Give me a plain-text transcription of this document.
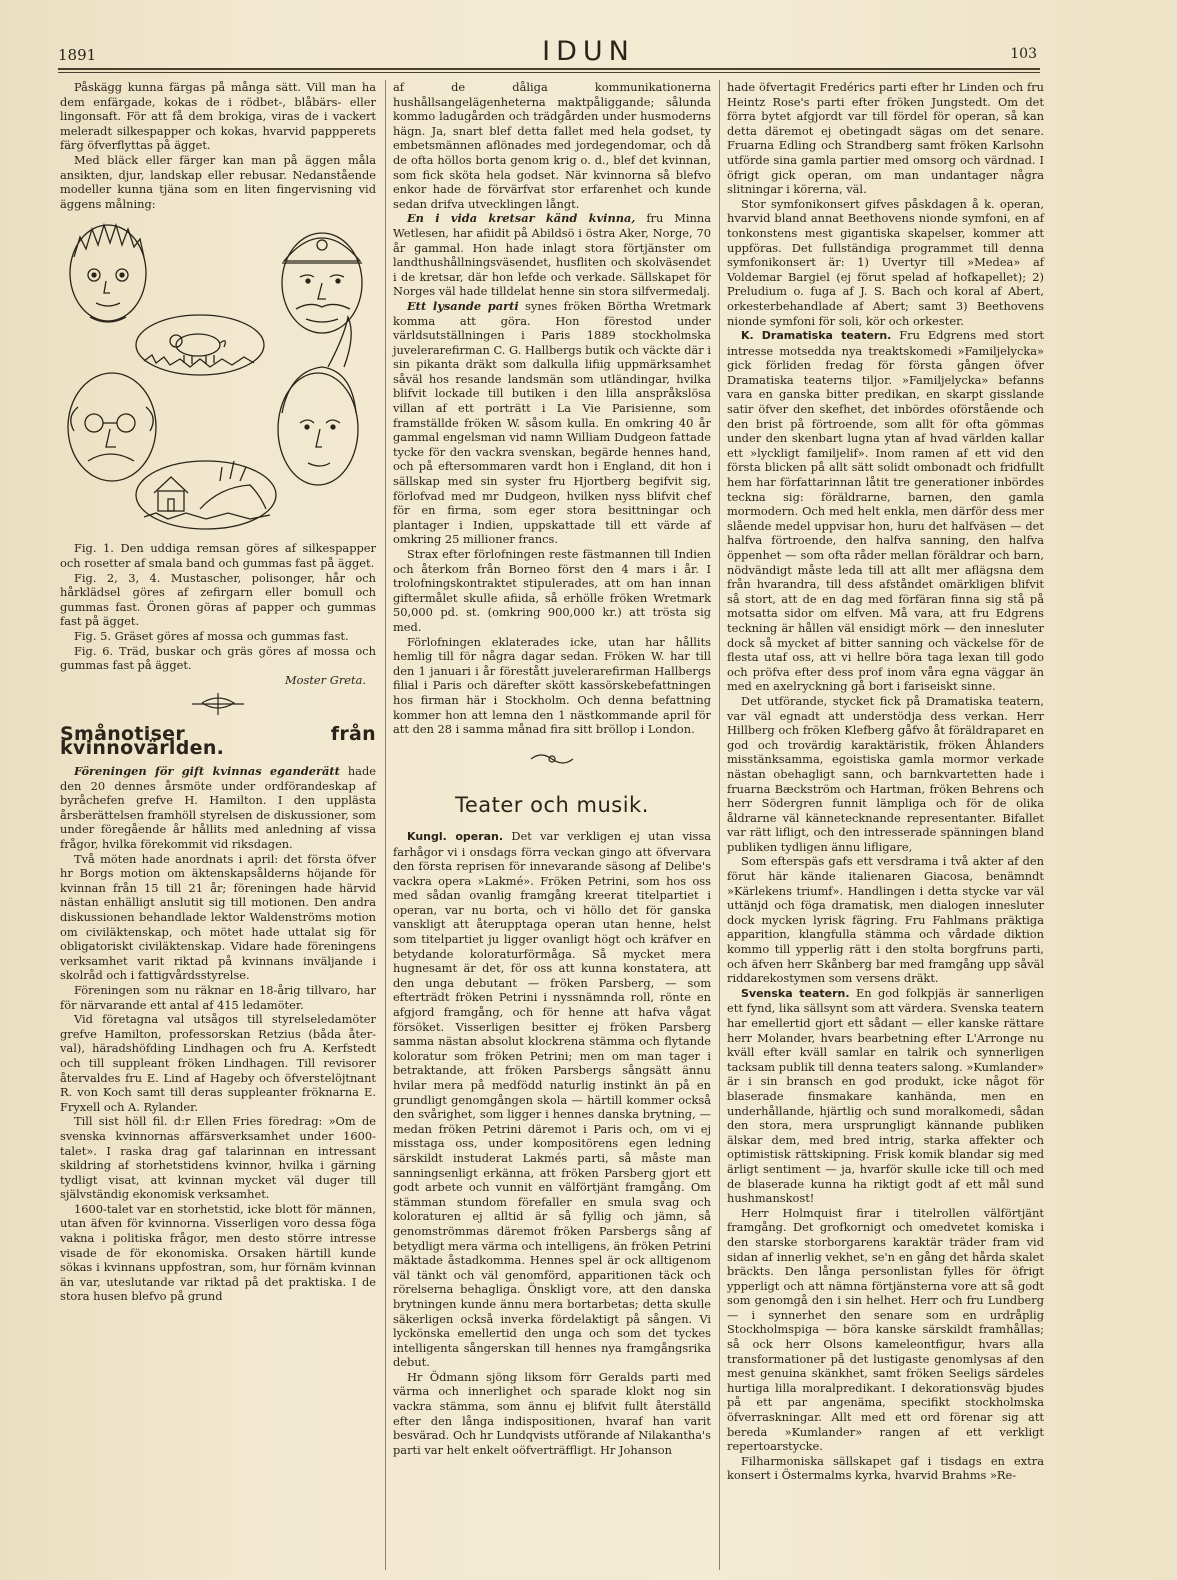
1891	IDUN	103

Påskägg kunna färgas på många sätt. Vill man ha dem enfärgade, kokas de i rödbet-, blåbärs- eller lingonsaft. För att få dem brokiga, viras de i vackert meleradt silkespapper och kokas, hvarvid pappperets färg öfverflyttas på ägget.

Med bläck eller färger kan man på äggen måla ansikten, djur, landskap eller rebusar. Nedanstående modeller kunna tjäna som en liten fingervisning vid äggens målning:

Fig. 1. Den uddiga remsan göres af silkespapper och rosetter af smala band och gummas fast på ägget.

Fig. 2, 3, 4. Mustascher, polisonger, hår och hårklädsel göres af zefirgarn eller bomull och gummas fast. Öronen göras af papper och gummas fast på ägget.

Fig. 5. Gräset göres af mossa och gummas fast.

Fig. 6. Träd, buskar och gräs göres af mossa och gummas fast på ägget.

Moster Greta.

Smånotiser från kvinnovärlden.

Föreningen för gift kvinnas eganderätt hade den 20 dennes årsmöte under ordförandeskap af byråchefen grefve H. Hamilton. I den upplästa årsberättelsen framhöll styrelsen de diskussioner, som under föregående år hållits med anledning af vissa frågor, hvilka förekommit vid riksdagen.

Två möten hade anordnats i april: det första öfver hr Borgs motion om äktenskapsålderns höjande för kvinnan från 15 till 21 år; föreningen hade härvid nästan enhälligt anslutit sig till motionen. Den andra diskussionen behandlade lektor Waldenströms motion om civiläktenskap, och mötet hade uttalat sig för obligatoriskt civiläktenskap. Vidare hade föreningens verksamhet varit riktad på kvinnans inväljande i skolråd och i fattigvårdsstyrelse.

Föreningen som nu räknar en 18-årig tillvaro, har för närvarande ett antal af 415 ledamöter.

Vid företagna val utsågos till styrelseledamöter grefve Hamilton, professorskan Retzius (båda åter-val), häradshöfding Lindhagen och fru A. Kerfstedt och till suppleant fröken Lindhagen. Till revisorer återvaldes fru E. Lind af Hageby och öfverstelöjtnant R. von Koch samt till deras suppleanter fröknarna E. Fryxell och A. Rylander.

Till sist höll fil. d:r Ellen Fries föredrag: »Om de svenska kvinnornas affärsverksamhet under 1600-talet». I raska drag gaf talarinnan en intressant skildring af storhetstidens kvinnor, hvilka i gärning tydligt visat, att kvinnan mycket väl duger till självständig ekonomisk verksamhet.

1600-talet var en storhetstid, icke blott för männen, utan äfven för kvinnorna. Visserligen voro dessa föga vakna i politiska frågor, men desto större intresse visade de för ekonomiska. Orsaken härtill kunde sökas i kvinnans uppfostran, som, hur förnäm kvinnan än var, uteslutande var riktad på det praktiska. I de stora husen blefvo på grund

af de dåliga kommunikationerna hushållsangelägenheterna maktpåliggande; sålunda kommo ladugården och trädgården under husmoderns hägn. Ja, snart blef detta fallet med hela godset, ty embetsmännen aflönades med jordegendomar, och då de ofta höllos borta genom krig o. d., blef det kvinnan, som fick sköta hela godset. När kvinnorna så blefvo enkor hade de förvärfvat stor erfarenhet och kunde sedan drifva utvecklingen långt.

En i vida kretsar känd kvinna, fru Minna Wetlesen, har afiidit på Abildsö i östra Aker, Norge, 70 år gammal. Hon hade inlagt stora förtjänster om landthushållningsväsendet, husfliten och skolväsendet i de kretsar, där hon lefde och verkade. Sällskapet för Norges väl hade tilldelat henne sin stora silfvermedalj.

Ett lysande parti synes fröken Börtha Wretmark komma att göra. Hon förestod under världsutställningen i Paris 1889 stockholmska juvelerarefirman C. G. Hallbergs butik och väckte där i sin pikanta dräkt som dalkulla lifiig uppmärksamhet såväl hos resande landsmän som utländingar, hvilka blifvit lockade till butiken i den lilla anspråkslösa villan af ett porträtt i La Vie Parisienne, som framställde fröken W. såsom kulla. En omkring 40 år gammal engelsman vid namn William Dudgeon fattade tycke för den vackra svenskan, begärde hennes hand, och på eftersommaren vardt hon i England, dit hon i sällskap med sin syster fru Hjortberg begifvit sig, förlofvad med mr Dudgeon, hvilken nyss blifvit chef för en firma, som eger stora besittningar och plantager i Indien, uppskattade till ett värde af omkring 25 millioner francs.

Strax efter förlofningen reste fästmannen till Indien och återkom från Borneo först den 4 mars i år. I trolofningskontraktet stipulerades, att om han innan giftermålet skulle afiida, så erhölle fröken Wretmark 50,000 pd. st. (omkring 900,000 kr.) att trösta sig med.

Förlofningen eklaterades icke, utan har hållits hemlig till för några dagar sedan. Fröken W. har till den 1 januari i år förestått juvelerarefirman Hallbergs filial i Paris och därefter skött kassörskebefattningen hos firman här i Stockholm. Och denna befattning kommer hon att lemna den 1 nästkommande april för att den 28 i samma månad fira sitt bröllop i London.

Teater och musik.

Kungl. operan. Det var verkligen ej utan vissa farhågor vi i onsdags förra veckan gingo att öfvervara den första reprisen för innevarande säsong af Delibe's vackra opera »Lakmé». Fröken Petrini, som hos oss med sådan ovanlig framgång kreerat titelpartiet i operan, var nu borta, och vi höllo det för ganska vanskligt att återupptaga operan utan henne, helst som titelpartiet ju ligger ovanligt högt och kräfver en betydande koloraturförmåga. Så mycket mera hugnesamt är det, för oss att kunna konstatera, att den unga debutant — fröken Parsberg, — som efterträdt fröken Petrini i nyssnämnda roll, rönte en afgjord framgång, och för henne att hafva vågat försöket. Visserligen besitter ej fröken Parsberg samma nästan absolut klockrena stämma och flytande koloratur som fröken Petrini; men om man tager i betraktande, att fröken Parsbergs sångsätt ännu hvilar mera på medfödd naturlig instinkt än på en grundligt genomgången skola — härtill kommer också den svårighet, som ligger i hennes danska brytning, — medan fröken Petrini däremot i Paris och, om vi ej misstaga oss, under kompositörens egen ledning särskildt instuderat Lakmés parti, så måste man sanningsenligt erkänna, att fröken Parsberg gjort ett godt arbete och vunnit en välförtjänt framgång. Om stämman stundom förefaller en smula svag och koloraturen ej alltid är så fyllig och jämn, så genomströmmas däremot fröken Parsbergs sång af betydligt mera värma och intelligens, än fröken Petrini mäktade åstadkomma. Hennes spel är ock alltigenom väl tänkt och väl genomförd, apparitionen täck och rörelserna behagliga. Önskligt vore, att den danska brytningen kunde ännu mera bortarbetas; detta skulle säkerligen också inverka fördelaktigt på sången. Vi lyckönska emellertid den unga och som det tyckes intelligenta sångerskan till hennes nya framgångsrika debut.

Hr Ödmann sjöng liksom förr Geralds parti med värma och innerlighet och sparade klokt nog sin vackra stämma, som ännu ej blifvit fullt återställd efter den långa indispositionen, hvaraf han varit besvärad. Och hr Lundqvists utförande af Nilakantha's parti var helt enkelt oöfverträffligt. Hr Johanson

hade öfvertagit Fredérics parti efter hr Linden och fru Heintz Rose's parti efter fröken Jungstedt. Om det förra bytet afgjordt var till fördel för operan, så kan detta däremot ej obetingadt sägas om det senare. Fruarna Edling och Strandberg samt fröken Karlsohn utförde sina gamla partier med omsorg och värdnad. I öfrigt gick operan, om man undantager några slitningar i körerna, väl.

Stor symfonikonsert gifves påskdagen å k. operan, hvarvid bland annat Beethovens nionde symfoni, en af tonkonstens mest gigantiska skapelser, kommer att uppföras. Det fullständiga programmet till denna symfonikonsert är: 1) Uvertyr till »Medea» af Voldemar Bargiel (ej förut spelad af hofkapellet); 2) Preludium o. fuga af J. S. Bach och koral af Abert, orkesterbehandlade af Abert; samt 3) Beethovens nionde symfoni för soli, kör och orkester.

K. Dramatiska teatern. Fru Edgrens med stort intresse motsedda nya treaktskomedi »Familjelycka» gick förliden fredag för första gången öfver Dramatiska teaterns tiljor. »Familjelycka» befanns vara en ganska bitter predikan, en skarpt gisslande satir öfver den skefhet, det inbördes oförstående och den brist på förtroende, som allt för ofta gömmas under den skenbart lugna ytan af hvad världen kallar ett »lyckligt familjelif». Inom ramen af ett vid den första blicken på allt sätt solidt ombonadt och fridfullt hem har författarinnan låtit tre generationer inbördes teckna sig: föräldrarne, barnen, den gamla mormodern. Och med helt enkla, men därför dess mer slående medel uppvisar hon, huru det halfväsen — det halfva förtroende, den halfva sanning, den halfva öppenhet — som ofta råder mellan föräldrar och barn, nödvändigt måste leda till att allt mer aflägsna dem från hvarandra, till dess afståndet omärkligen blifvit så stort, att de en dag med förfäran finna sig stå på motsatta sidor om elfven. Må vara, att fru Edgrens teckning är hållen väl ensidigt mörk — den innesluter dock så mycket af bitter sanning och väckelse för de flesta utaf oss, att vi hellre böra taga lexan till godo och pröfva efter dess prof inom våra egna väggar än med en axelryckning gå bort i fariseiskt sinne.

Det utförande, stycket fick på Dramatiska teatern, var väl egnadt att understödja dess verkan. Herr Hillberg och fröken Klefberg gåfvo åt föräldraparet en god och trovärdig karaktäristik, fröken Åhlanders misstänksamma, egoistiska gamla mormor verkade nästan obehagligt sann, och barnkvartetten hade i fruarna Bæckström och Hartman, fröken Behrens och herr Södergren funnit lämpliga och för de olika åldrarne väl kännetecknande representanter. Bifallet var rätt lifligt, och den intresserade spänningen bland publiken tydligen ännu lifligare,

Som efterspäs gafs ett versdrama i två akter af den förut här kände italienaren Giacosa, benämndt »Kärlekens triumf». Handlingen i detta stycke var väl uttänjd och föga dramatisk, men dialogen innesluter dock mycken lyrisk fägring. Fru Fahlmans präktiga apparition, klangfulla stämma och vårdade diktion kommo till ypperlig rätt i den stolta borgfruns parti, och äfven herr Skånberg bar med framgång upp såväl riddarekostymen som versens dräkt.

Svenska teatern. En god folkpjäs är sannerligen ett fynd, lika sällsynt som att värdera. Svenska teatern har emellertid gjort ett sådant — eller kanske rättare herr Molander, hvars bearbetning efter L'Arronge nu kväll efter kväll samlar en talrik och synnerligen tacksam publik till denna teaters salong. »Kumlander» är i sin bransch en god produkt, icke något för blaserade finsmakare kanhända, men en underhållande, hjärtlig och sund moralkomedi, sådan den stora, mera ursprungligt kännande publiken älskar dem, med bred intrig, starka affekter och optimistisk rättskipning. Frisk komik blandar sig med ärligt sentiment — ja, hvarför skulle icke till och med de blaserade kunna ha riktigt godt af ett mål sund hushmanskost!

Herr Holmquist firar i titelrollen välförtjänt framgång. Det grofkornigt och omedvetet komiska i den starske storborgarens karaktär träder fram vid sidan af innerlig vekhet, se'n en gång det hårda skalet bräckts. Den långa personlistan fylles för öfrigt ypperligt och att nämna förtjänsterna vore att så godt som genomgå den i sin helhet. Herr och fru Lundberg — i synnerhet den senare som en urdråplig Stockholmspiga — böra kanske särskildt framhållas; så ock herr Olsons kameleontfigur, hvars alla transformationer på det lustigaste genomlysas af den mest genuina skänkhet, samt fröken Seeligs särdeles hurtiga lilla moralpredikant. I dekorationsväg bjudes på ett par angenäma, specifikt stockholmska öfverraskningar. Allt med ett ord förenar sig att bereda »Kumlander» rangen af ett verkligt repertoarstycke.

Filharmoniska sällskapet gaf i tisdags en extra konsert i Östermalms kyrka, hvarvid Brahms »Re-
